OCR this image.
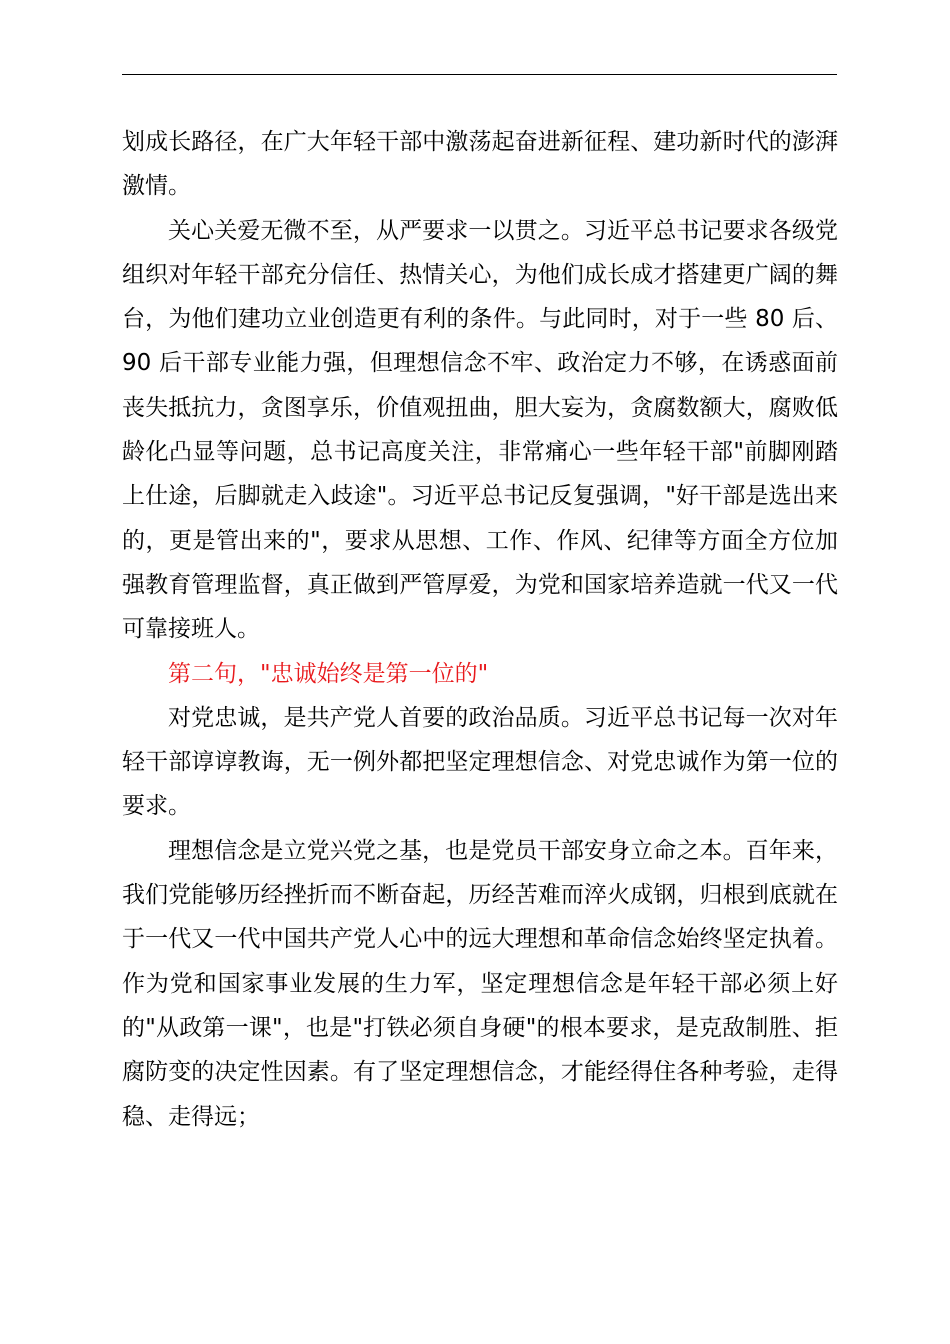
划成长路径，在广大年轻干部中激荡起奋进新征程、建功新时代的澎湃激情。

关心关爱无微不至，从严要求一以贯之。习近平总书记要求各级党组织对年轻干部充分信任、热情关心，为他们成长成才搭建更广阔的舞台，为他们建功立业创造更有利的条件。与此同时，对于一些 80 后、90 后干部专业能力强，但理想信念不牢、政治定力不够，在诱惑面前丧失抵抗力，贪图享乐，价值观扭曲，胆大妄为，贪腐数额大，腐败低龄化凸显等问题，总书记高度关注，非常痛心一些年轻干部"前脚刚踏上仕途，后脚就走入歧途"。习近平总书记反复强调，"好干部是选出来的，更是管出来的"，要求从思想、工作、作风、纪律等方面全方位加强教育管理监督，真正做到严管厚爱，为党和国家培养造就一代又一代可靠接班人。

第二句，"忠诚始终是第一位的"

对党忠诚，是共产党人首要的政治品质。习近平总书记每一次对年轻干部谆谆教诲，无一例外都把坚定理想信念、对党忠诚作为第一位的要求。

理想信念是立党兴党之基，也是党员干部安身立命之本。百年来，我们党能够历经挫折而不断奋起，历经苦难而淬火成钢，归根到底就在于一代又一代中国共产党人心中的远大理想和革命信念始终坚定执着。作为党和国家事业发展的生力军，坚定理想信念是年轻干部必须上好的"从政第一课"，也是"打铁必须自身硬"的根本要求，是克敌制胜、拒腐防变的决定性因素。有了坚定理想信念，才能经得住各种考验，走得稳、走得远；
